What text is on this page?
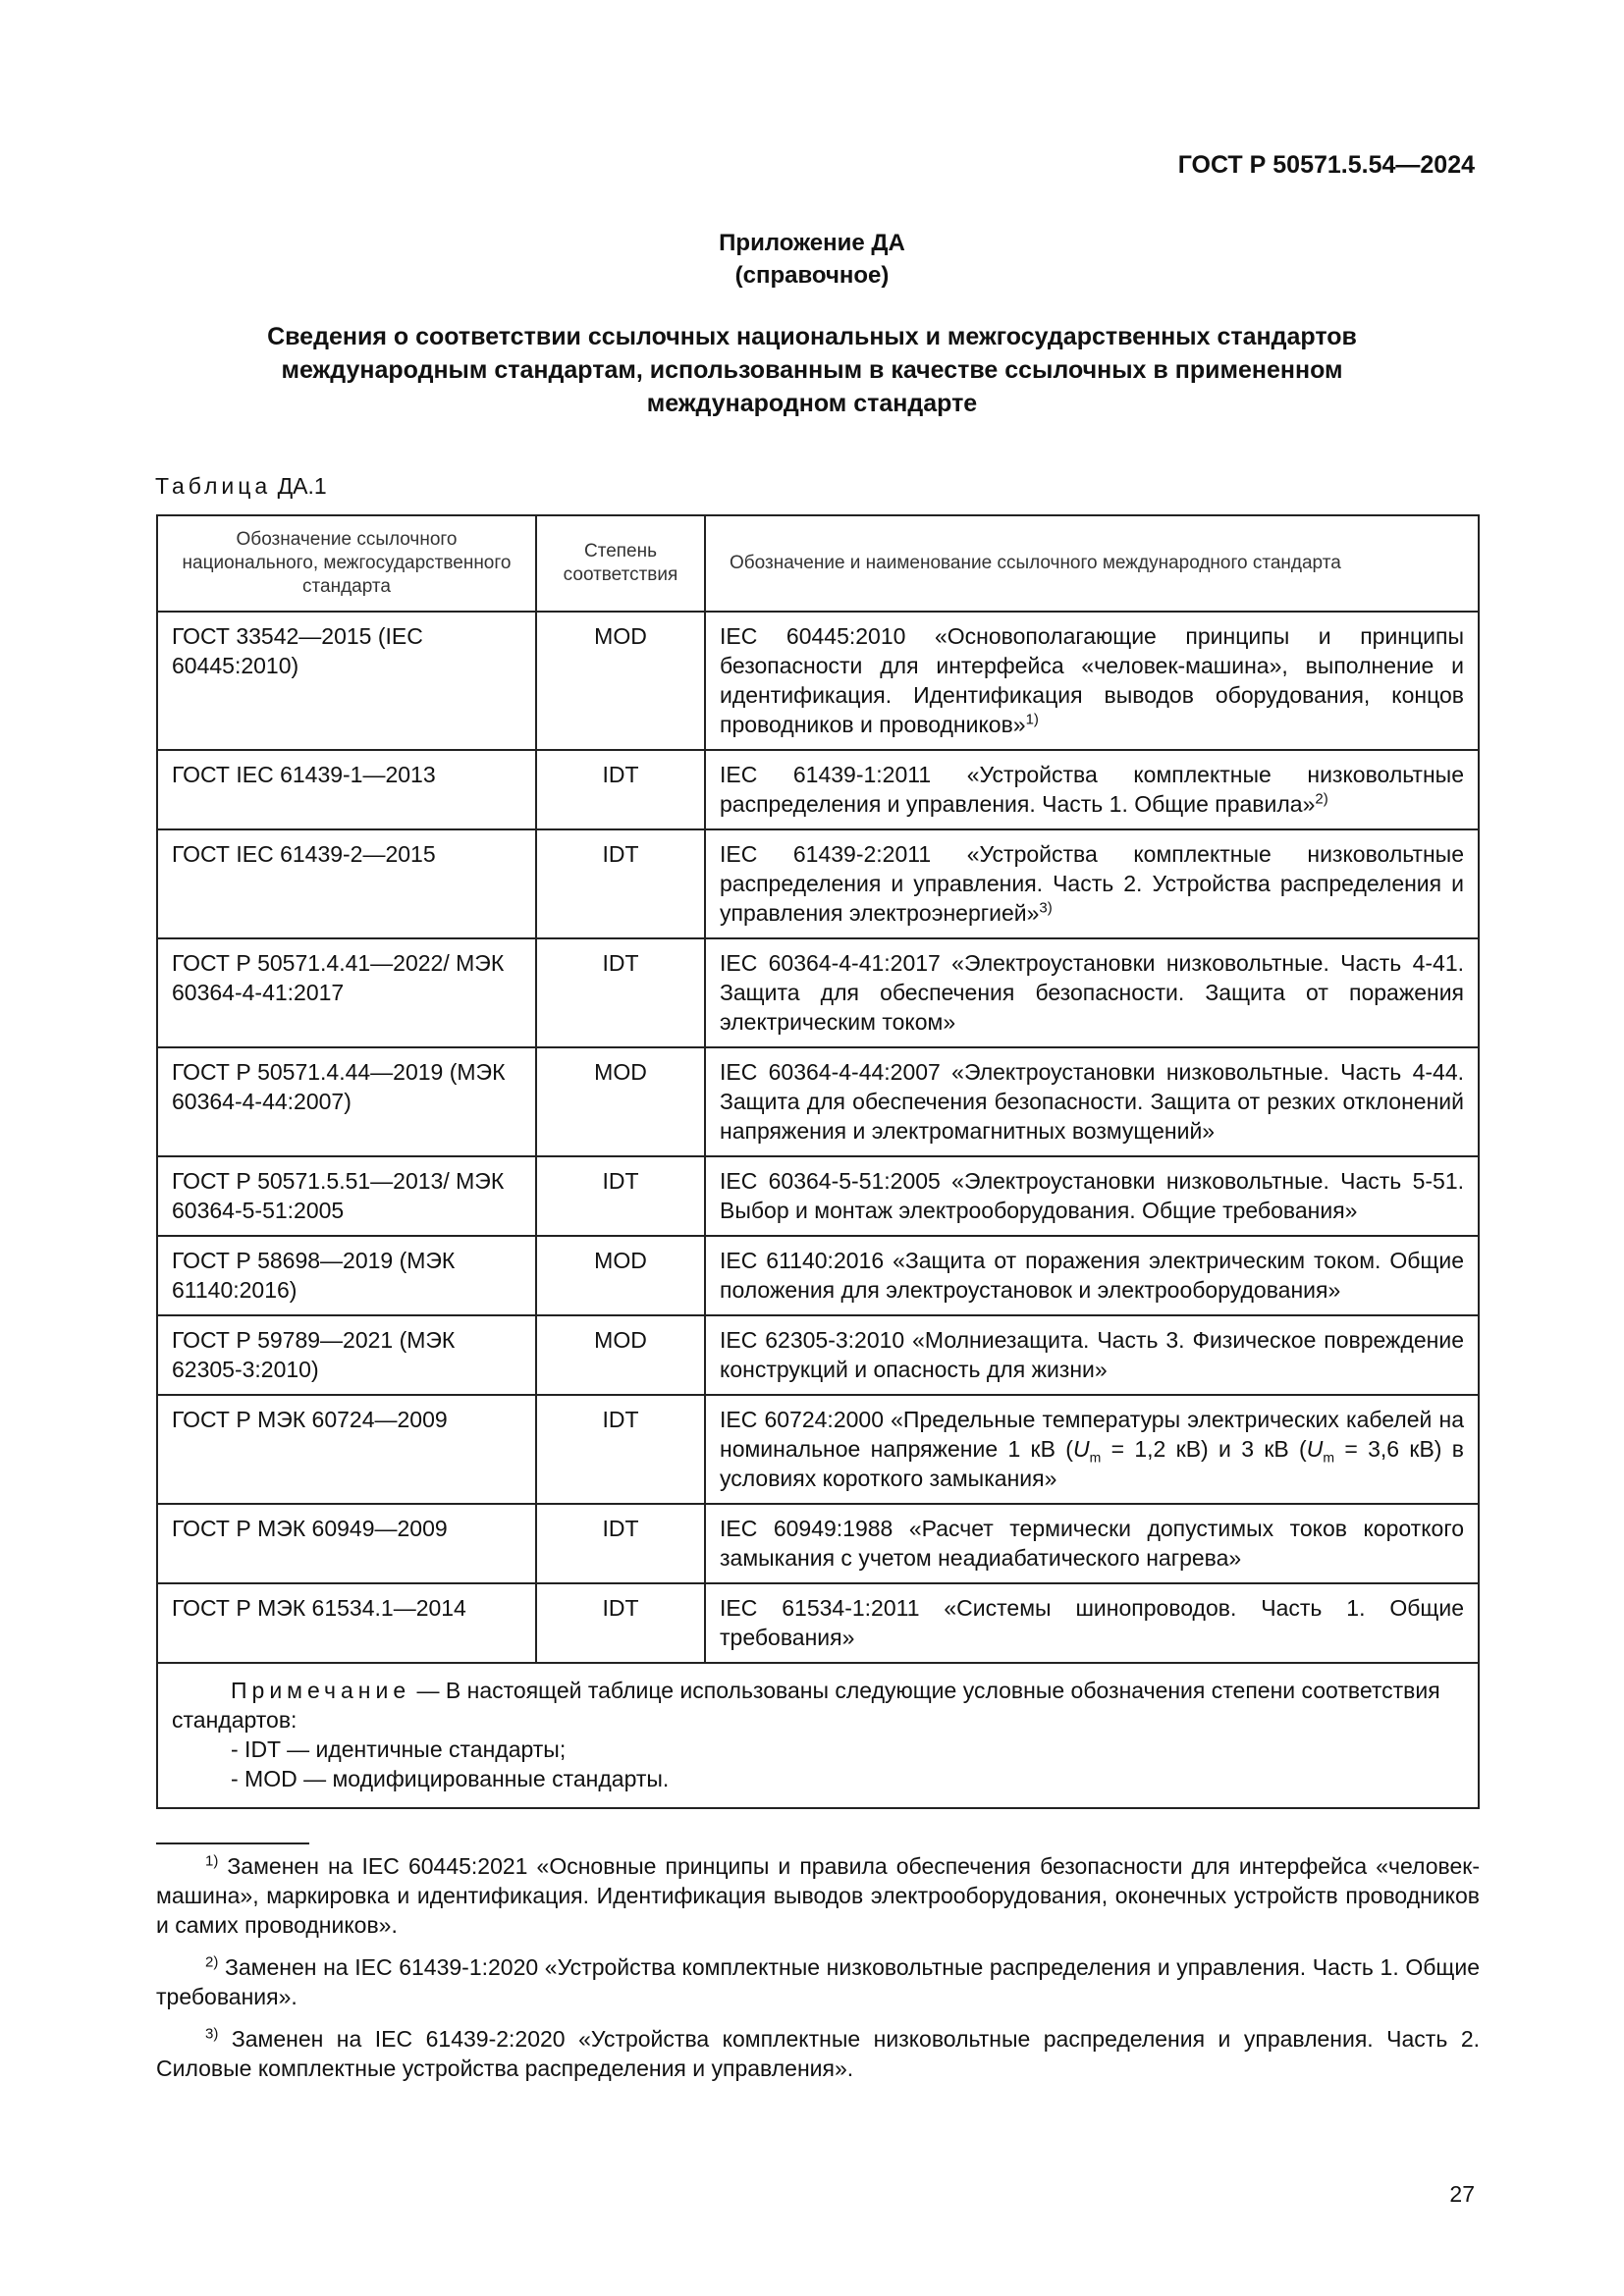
ГОСТ Р 50571.5.54—2024
Приложение ДА
(справочное)
Сведения о соответствии ссылочных национальных и межгосударственных стандартов международным стандартам, использованным в качестве ссылочных в примененном международном стандарте
Таблица ДА.1
Обозначение ссылочного национального, межгосударственного стандарта	Степень соответствия	Обозначение и наименование ссылочного международного стандарта
ГОСТ 33542—2015 (IEC 60445:2010)	MOD	IEC 60445:2010 «Основополагающие принципы и принципы безопасности для интерфейса «человек-машина», выполнение и идентификация. Идентификация выводов оборудования, концов проводников и проводников»$^{1)}$
ГОСТ IEC 61439-1—2013	IDT	IEC 61439-1:2011 «Устройства комплектные низковольтные распределения и управления. Часть 1. Общие правила»$^{2)}$
ГОСТ IEC 61439-2—2015	IDT	IEC 61439-2:2011 «Устройства комплектные низковольтные распределения и управления. Часть 2. Устройства распределения и управления электроэнергией»$^{3)}$
ГОСТ Р 50571.4.41—2022/ МЭК 60364-4-41:2017	IDT	IEC 60364-4-41:2017 «Электроустановки низковольтные. Часть 4-41. Защита для обеспечения безопасности. Защита от поражения электрическим током»
ГОСТ Р 50571.4.44—2019 (МЭК 60364-4-44:2007)	MOD	IEC 60364-4-44:2007 «Электроустановки низковольтные. Часть 4-44. Защита для обеспечения безопасности. Защита от резких отклонений напряжения и электромагнитных возмущений»
ГОСТ Р 50571.5.51—2013/ МЭК 60364-5-51:2005	IDT	IEC 60364-5-51:2005 «Электроустановки низковольтные. Часть 5-51. Выбор и монтаж электрооборудования. Общие требования»
ГОСТ Р 58698—2019 (МЭК 61140:2016)	MOD	IEC 61140:2016 «Защита от поражения электрическим током. Общие положения для электроустановок и электрооборудования»
ГОСТ Р 59789—2021 (МЭК 62305-3:2010)	MOD	IEC 62305-3:2010 «Молниезащита. Часть 3. Физическое повреждение конструкций и опасность для жизни»
ГОСТ Р МЭК 60724—2009	IDT	IEC 60724:2000 «Предельные температуры электрических кабелей на номинальное напряжение 1 кВ ($U_m = 1,2$ кВ) и 3 кВ ($U_m = 3,6$ кВ) в условиях короткого замыкания»
ГОСТ Р МЭК 60949—2009	IDT	IEC 60949:1988 «Расчет термически допустимых токов короткого замыкания с учетом неадиабатического нагрева»
ГОСТ Р МЭК 61534.1—2014	IDT	IEC 61534-1:2011 «Системы шинопроводов. Часть 1. Общие требования»

Примечание — В настоящей таблице использованы следующие условные обозначения степени соответствия стандартов:
- IDT — идентичные стандарты;
- MOD — модифицированные стандарты.		
$^{1)}$ Заменен на IEC 60445:2021 «Основные принципы и правила обеспечения безопасности для интерфейса «человек-машина», маркировка и идентификация. Идентификация выводов электрооборудования, оконечных устройств проводников и самих проводников».
$^{2)}$ Заменен на IEC 61439-1:2020 «Устройства комплектные низковольтные распределения и управления. Часть 1. Общие требования».
$^{3)}$ Заменен на IEC 61439-2:2020 «Устройства комплектные низковольтные распределения и управления. Часть 2. Силовые комплектные устройства распределения и управления».
27
